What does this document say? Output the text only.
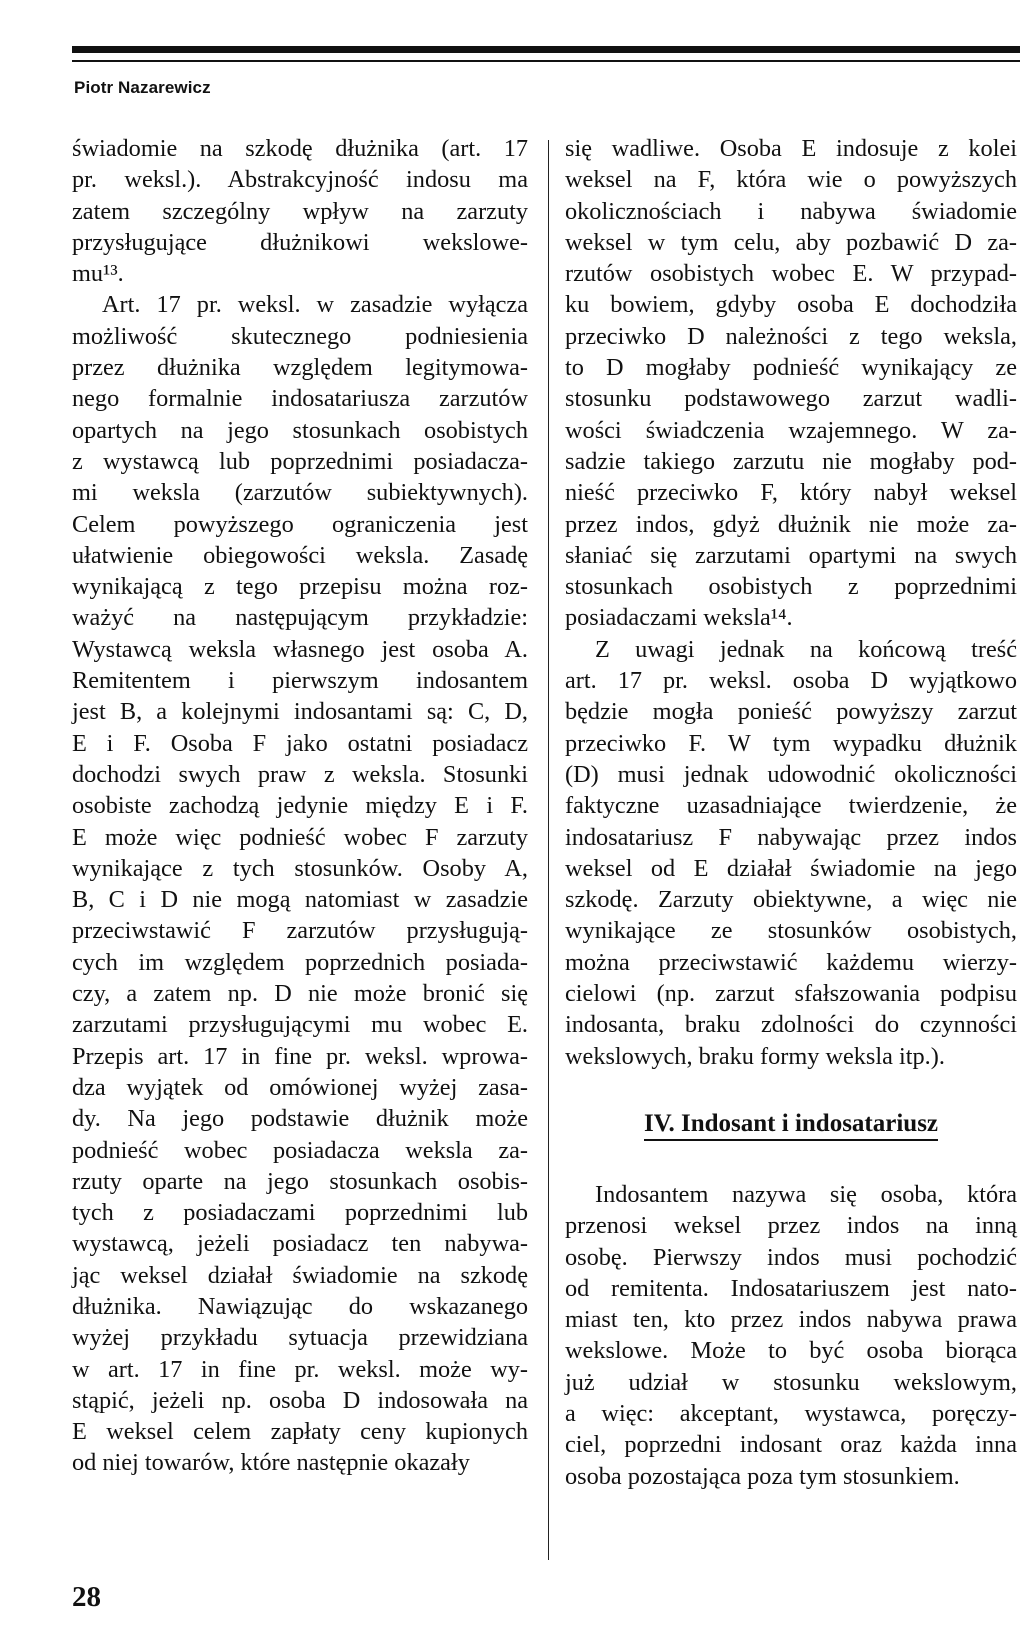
Piotr Nazarewicz
świadomie na szkodę dłużnika (art. 17
pr. weksl.). Abstrakcyjność indosu ma
zatem szczególny wpływ na zarzuty
przysługujące dłużnikowi wekslowe-
mu¹³.
Art. 17 pr. weksl. w zasadzie wyłącza
możliwość skutecznego podniesienia
przez dłużnika względem legitymowa-
nego formalnie indosatariusza zarzutów
opartych na jego stosunkach osobistych
z wystawcą lub poprzednimi posiadacza-
mi weksla (zarzutów subiektywnych).
Celem powyższego ograniczenia jest
ułatwienie obiegowości weksla. Zasadę
wynikającą z tego przepisu można roz-
ważyć na następującym przykładzie:
Wystawcą weksla własnego jest osoba A.
Remitentem i pierwszym indosantem
jest B, a kolejnymi indosantami są: C, D,
E i F. Osoba F jako ostatni posiadacz
dochodzi swych praw z weksla. Stosunki
osobiste zachodzą jedynie między E i F.
E może więc podnieść wobec F zarzuty
wynikające z tych stosunków. Osoby A,
B, C i D nie mogą natomiast w zasadzie
przeciwstawić F zarzutów przysługują-
cych im względem poprzednich posiada-
czy, a zatem np. D nie może bronić się
zarzutami przysługującymi mu wobec E.
Przepis art. 17 in fine pr. weksl. wprowa-
dza wyjątek od omówionej wyżej zasa-
dy. Na jego podstawie dłużnik może
podnieść wobec posiadacza weksla za-
rzuty oparte na jego stosunkach osobis-
tych z posiadaczami poprzednimi lub
wystawcą, jeżeli posiadacz ten nabywa-
jąc weksel działał świadomie na szkodę
dłużnika. Nawiązując do wskazanego
wyżej przykładu sytuacja przewidziana
w art. 17 in fine pr. weksl. może wy-
stąpić, jeżeli np. osoba D indosowała na
E weksel celem zapłaty ceny kupionych
od niej towarów, które następnie okazały
się wadliwe. Osoba E indosuje z kolei
weksel na F, która wie o powyższych
okolicznościach i nabywa świadomie
weksel w tym celu, aby pozbawić D za-
rzutów osobistych wobec E. W przypad-
ku bowiem, gdyby osoba E dochodziła
przeciwko D należności z tego weksla,
to D mogłaby podnieść wynikający ze
stosunku podstawowego zarzut wadli-
wości świadczenia wzajemnego. W za-
sadzie takiego zarzutu nie mogłaby pod-
nieść przeciwko F, który nabył weksel
przez indos, gdyż dłużnik nie może za-
słaniać się zarzutami opartymi na swych
stosunkach osobistych z poprzednimi
posiadaczami weksla¹⁴.
Z uwagi jednak na końcową treść
art. 17 pr. weksl. osoba D wyjątkowo
będzie mogła ponieść powyższy zarzut
przeciwko F. W tym wypadku dłużnik
(D) musi jednak udowodnić okoliczności
faktyczne uzasadniające twierdzenie, że
indosatariusz F nabywając przez indos
weksel od E działał świadomie na jego
szkodę. Zarzuty obiektywne, a więc nie
wynikające ze stosunków osobistych,
można przeciwstawić każdemu wierzy-
cielowi (np. zarzut sfałszowania podpisu
indosanta, braku zdolności do czynności
wekslowych, braku formy weksla itp.).
IV. Indosant i indosatariusz
Indosantem nazywa się osoba, która
przenosi weksel przez indos na inną
osobę. Pierwszy indos musi pochodzić
od remitenta. Indosatariuszem jest nato-
miast ten, kto przez indos nabywa prawa
wekslowe. Może to być osoba biorąca
już udział w stosunku wekslowym,
a więc: akceptant, wystawca, poręczy-
ciel, poprzedni indosant oraz każda inna
osoba pozostająca poza tym stosunkiem.
28
